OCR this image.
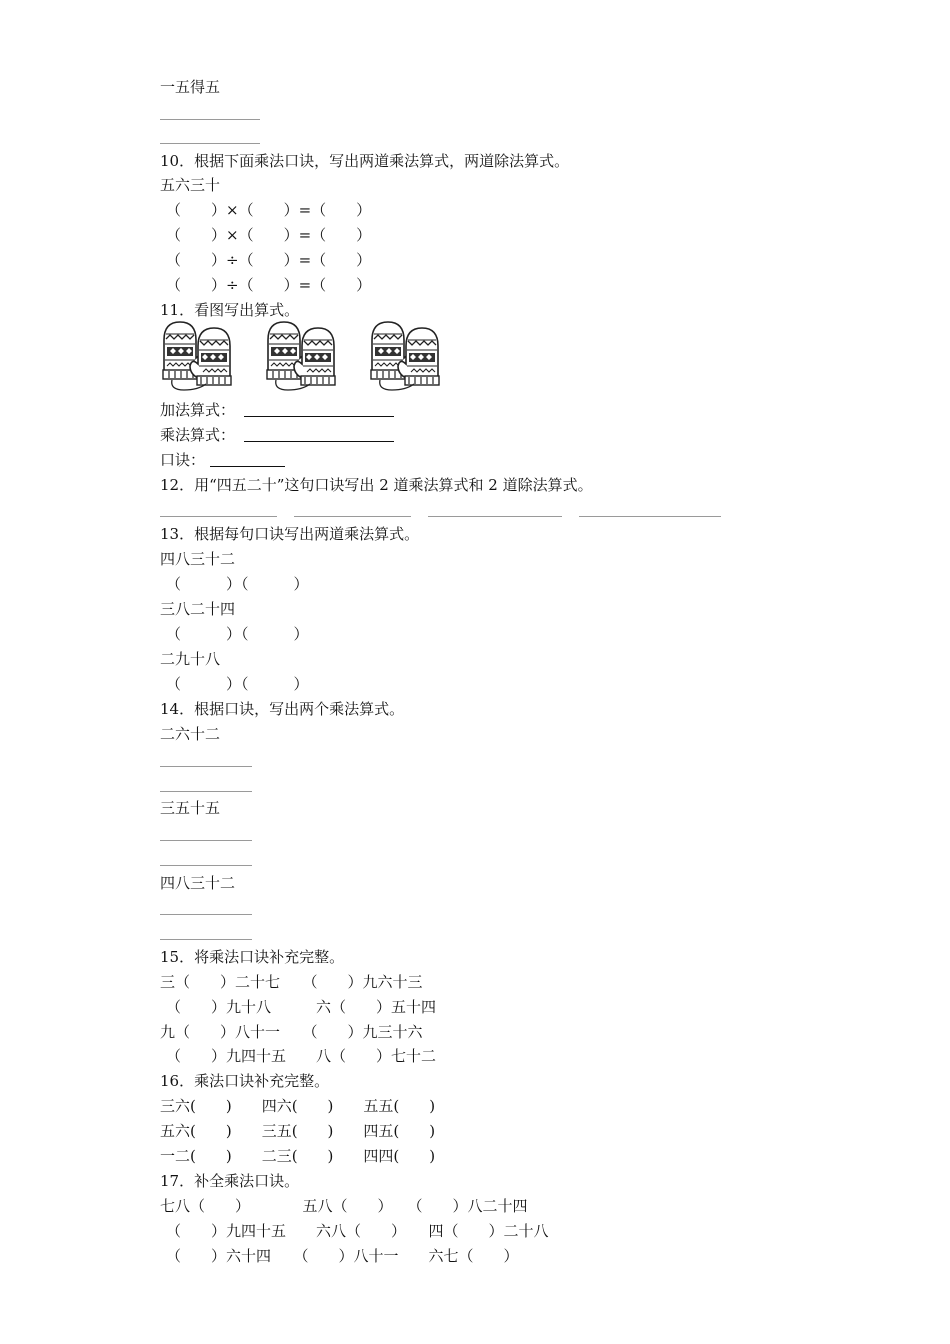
一五得五
10．根据下面乘法口诀，写出两道乘法算式，两道除法算式。
五六三十
（　　）×（　　）=（　　）
（　　）×（　　）=（　　）
（　　）÷（　　）=（　　）
（　　）÷（　　）=（　　）
11．看图写出算式。
加法算式：
乘法算式：
口诀：
12．用“四五二十”这句口诀写出 2 道乘法算式和 2 道除法算式。
13．根据每句口诀写出两道乘法算式。
四八三十二
（　　　）（　　　）
三八二十四
（　　　）（　　　）
二九十八
（　　　）（　　　）
14．根据口诀，写出两个乘法算式。
二六十二
三五十五
四八三十二
15．将乘法口诀补充完整。
三（　　）二十七　　（　　）九六十三
（　　）九十八　　　六（　　）五十四
九（　　）八十一　　（　　）九三十六
（　　）九四十五　　八（　　）七十二
16．乘法口诀补充完整。
三六(　　)　　四六(　　)　　五五(　　)
五六(　　)　　三五(　　)　　四五(　　)
一二(　　)　　二三(　　)　　四四(　　)
17．补全乘法口诀。
七八（　　）　　　　五八（　　）　　（　　）八二十四
（　　）九四十五　　六八（　　）　　四（　　）二十八
（　　）六十四　　（　　）八十一　　六七（　　）
